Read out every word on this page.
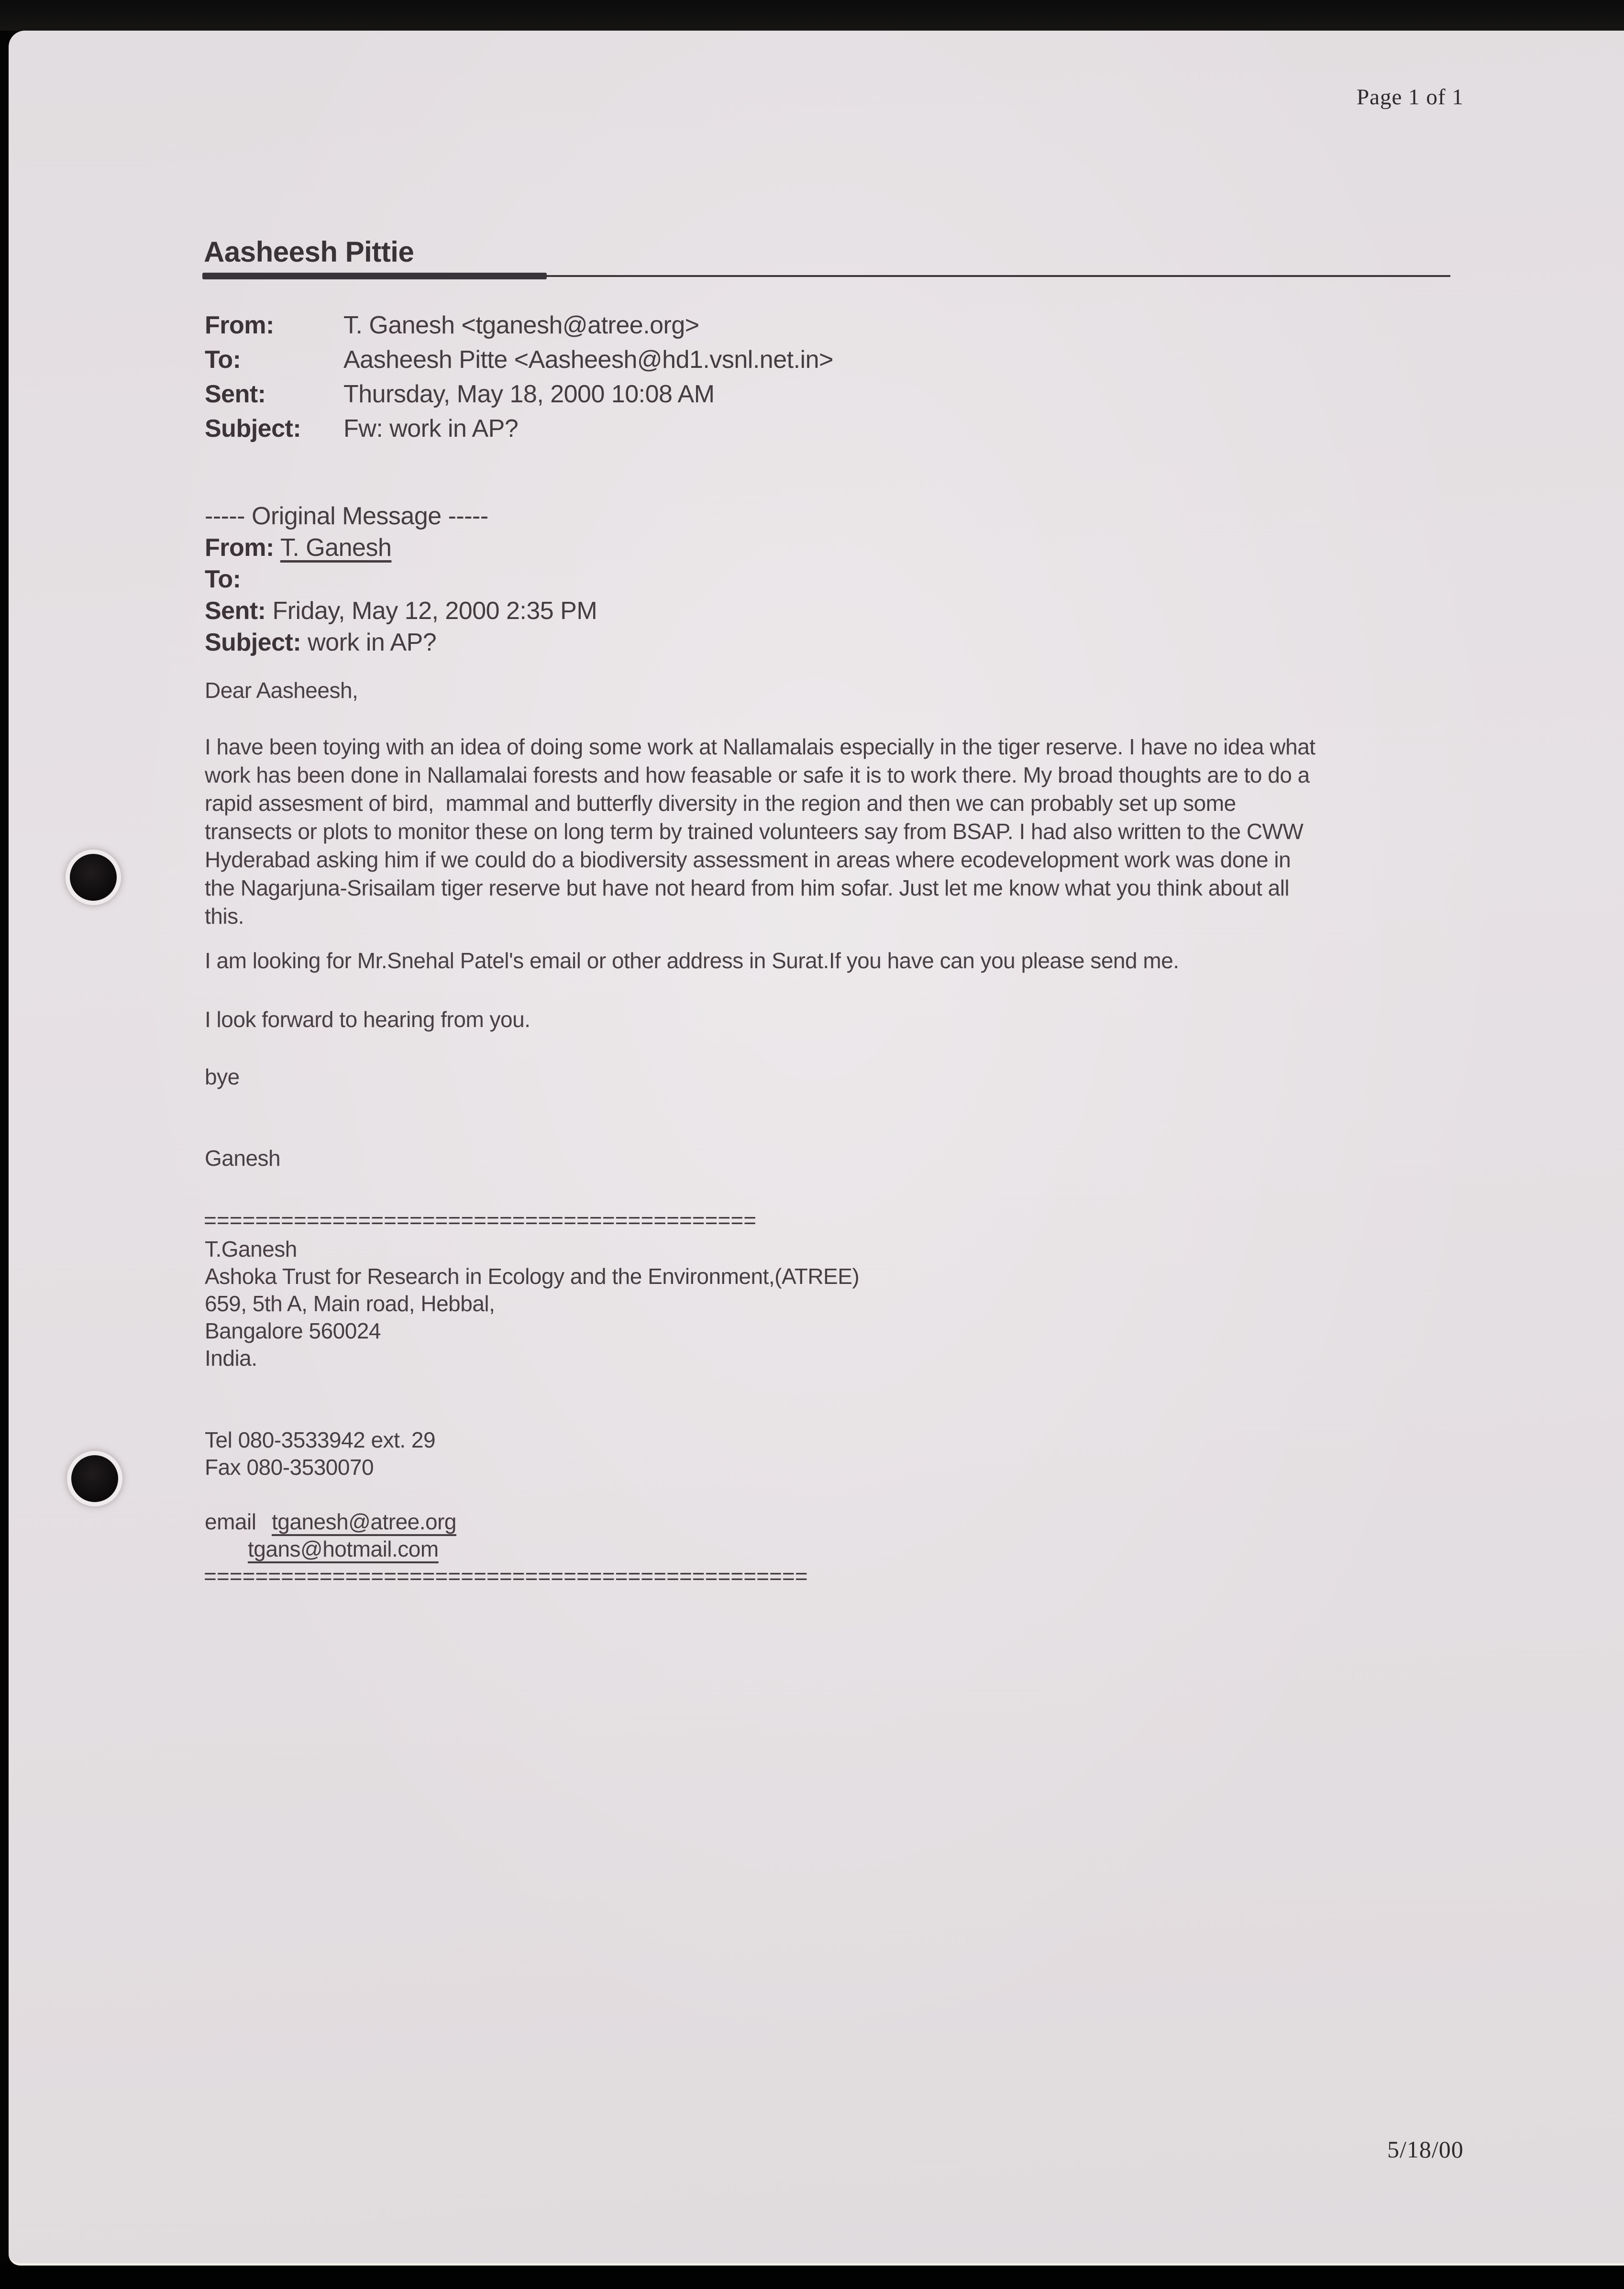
Page 1 of 1
Aasheesh Pittie
From:	T. Ganesh <tganesh@atree.org>
To:	Aasheesh Pitte <Aasheesh@hd1.vsnl.net.in>
Sent:	Thursday, May 18, 2000 10:08 AM
Subject: Fw: work in AP?
----- Original Message -----
From: T. Ganesh
To:
Sent: Friday, May 12, 2000 2:35 PM
Subject: work in AP?
Dear Aasheesh,
I have been toying with an idea of doing some work at Nallamalais especially in the tiger reserve. I have no idea what
work has been done in Nallamalai forests and how feasable or safe it is to work there. My broad thoughts are to do a
rapid assesment of bird,  mammal and butterfly diversity in the region and then we can probably set up some
transects or plots to monitor these on long term by trained volunteers say from BSAP. I had also written to the CWW
Hyderabad asking him if we could do a biodiversity assessment in areas where ecodevelopment work was done in
the Nagarjuna-Srisailam tiger reserve but have not heard from him sofar. Just let me know what you think about all
this.
I am looking for Mr.Snehal Patel's email or other address in Surat.If you have can you please send me.
I look forward to hearing from you.
bye
Ganesh
===========================================
T.Ganesh
Ashoka Trust for Research in Ecology and the Environment,(ATREE)
659, 5th A, Main road, Hebbal,
Bangalore 560024
India.
Tel 080-3533942 ext. 29
Fax 080-3530070
email tganesh@atree.org
tgans@hotmail.com
===============================================
5/18/00
